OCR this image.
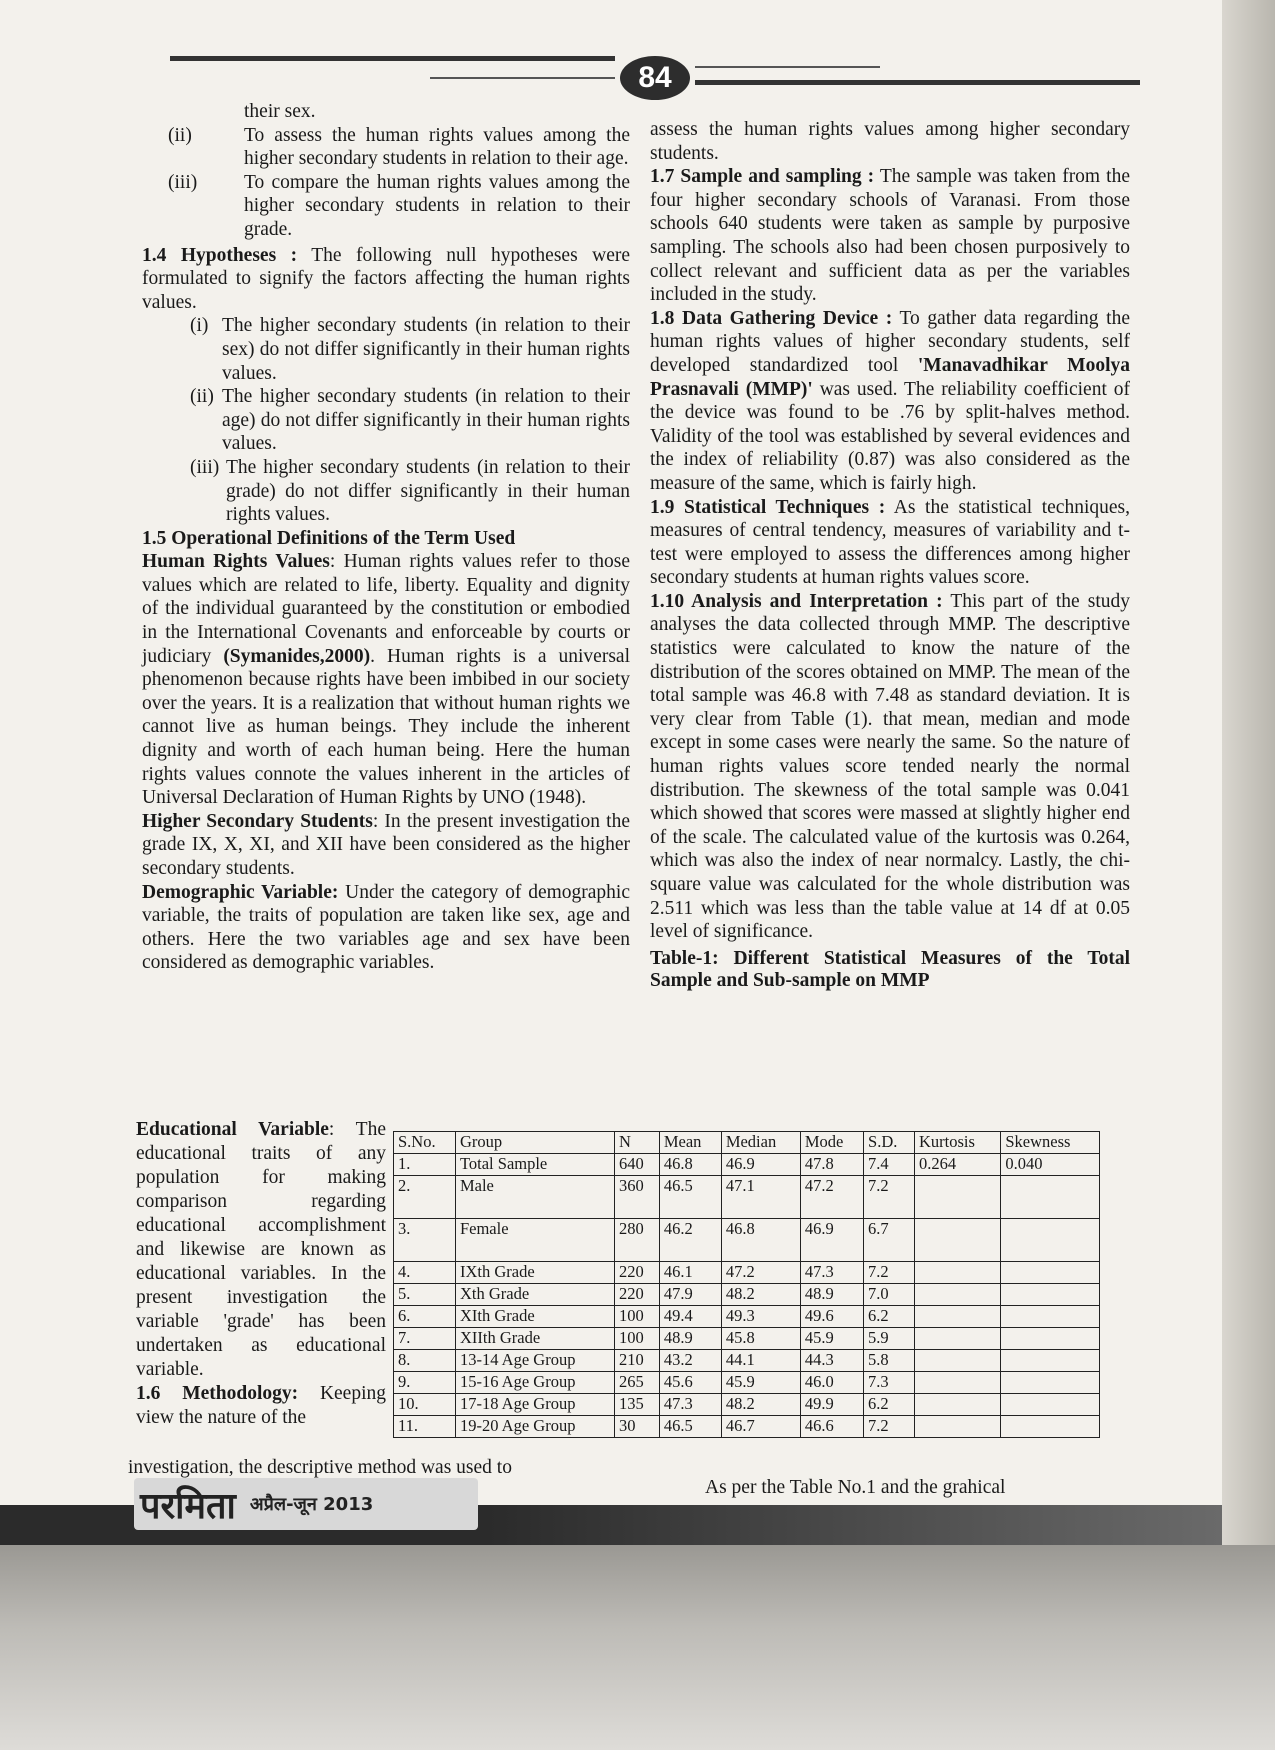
84

their sex.

(ii)	To assess the human rights values among the higher secondary students in relation to their age.
(iii)	To compare the human rights values among the higher secondary students in relation to their grade.

1.4 Hypotheses : The following null hypotheses were formulated to signify the factors affecting the human rights values.

(i) The higher secondary students (in relation to their sex) do not differ significantly in their human rights values.
(ii) The higher secondary students (in relation to their age) do not differ significantly in their human rights values.
(iii) The higher secondary students (in relation to their grade) do not differ significantly in their human rights values.

1.5 Operational Definitions of the Term Used

Human Rights Values: Human rights values refer to those values which are related to life, liberty. Equality and dignity of the individual guaranteed by the constitution or embodied in the International Covenants and enforceable by courts or judiciary (Symanides,2000). Human rights is a universal phenomenon because rights have been imbibed in our society over the years. It is a realization that without human rights we cannot live as human beings. They include the inherent dignity and worth of each human being. Here the human rights values connote the values inherent in the articles of Universal Declaration of Human Rights by UNO (1948).

Higher Secondary Students: In the present investigation the grade IX, X, XI, and XII have been considered as the higher secondary students.

Demographic Variable: Under the category of demographic variable, the traits of population are taken like sex, age and others. Here the two variables age and sex have been considered as demographic variables.

Educational Variable: The educational traits of any population for making comparison regarding educational accomplishment and likewise are known as educational variables. In the present investigation the variable 'grade' has been undertaken as educational variable.

1.6 Methodology: Keeping view the nature of the

investigation, the descriptive method was used to

assess the human rights values among higher secondary students.

1.7 Sample and sampling : The sample was taken from the four higher secondary schools of Varanasi. From those schools 640 students were taken as sample by purposive sampling. The schools also had been chosen purposively to collect relevant and sufficient data as per the variables included in the study.

1.8 Data Gathering Device : To gather data regarding the human rights values of higher secondary students, self developed standardized tool 'Manavadhikar Moolya Prasnavali (MMP)' was used. The reliability coefficient of the device was found to be .76 by split-halves method. Validity of the tool was established by several evidences and the index of reliability (0.87) was also considered as the measure of the same, which is fairly high.

1.9 Statistical Techniques : As the statistical techniques, measures of central tendency, measures of variability and t-test were employed to assess the differences among higher secondary students at human rights values score.

1.10 Analysis and Interpretation : This part of the study analyses the data collected through MMP. The descriptive statistics were calculated to know the nature of the distribution of the scores obtained on MMP. The mean of the total sample was 46.8 with 7.48 as standard deviation. It is very clear from Table (1). that mean, median and mode except in some cases were nearly the same. So the nature of human rights values score tended nearly the normal distribution. The skewness of the total sample was 0.041 which showed that scores were massed at slightly higher end of the scale. The calculated value of the kurtosis was 0.264, which was also the index of near normalcy. Lastly, the chi-square value was calculated for the whole distribution was 2.511 which was less than the table value at 14 df at 0.05 level of significance.

Table-1: Different Statistical Measures of the Total Sample and Sub-sample on MMP

S.No.	Group	N	Mean	Median	Mode	S.D.	Kurtosis	Skewness
1.	Total Sample	640	46.8	46.9	47.8	7.4	0.264	0.040
2.	Male	360	46.5	47.1	47.2	7.2		
3.	Female	280	46.2	46.8	46.9	6.7		
4.	IXth Grade	220	46.1	47.2	47.3	7.2		
5.	Xth Grade	220	47.9	48.2	48.9	7.0		
6.	XIth Grade	100	49.4	49.3	49.6	6.2		
7.	XIIth Grade	100	48.9	45.8	45.9	5.9		
8.	13-14 Age Group	210	43.2	44.1	44.3	5.8		
9.	15-16 Age Group	265	45.6	45.9	46.0	7.3		
10.	17-18 Age Group	135	47.3	48.2	49.9	6.2		
11.	19-20 Age Group	30	46.5	46.7	46.6	7.2		

As per the Table No.1 and the grahical

परमिता अप्रैल-जून 2013
